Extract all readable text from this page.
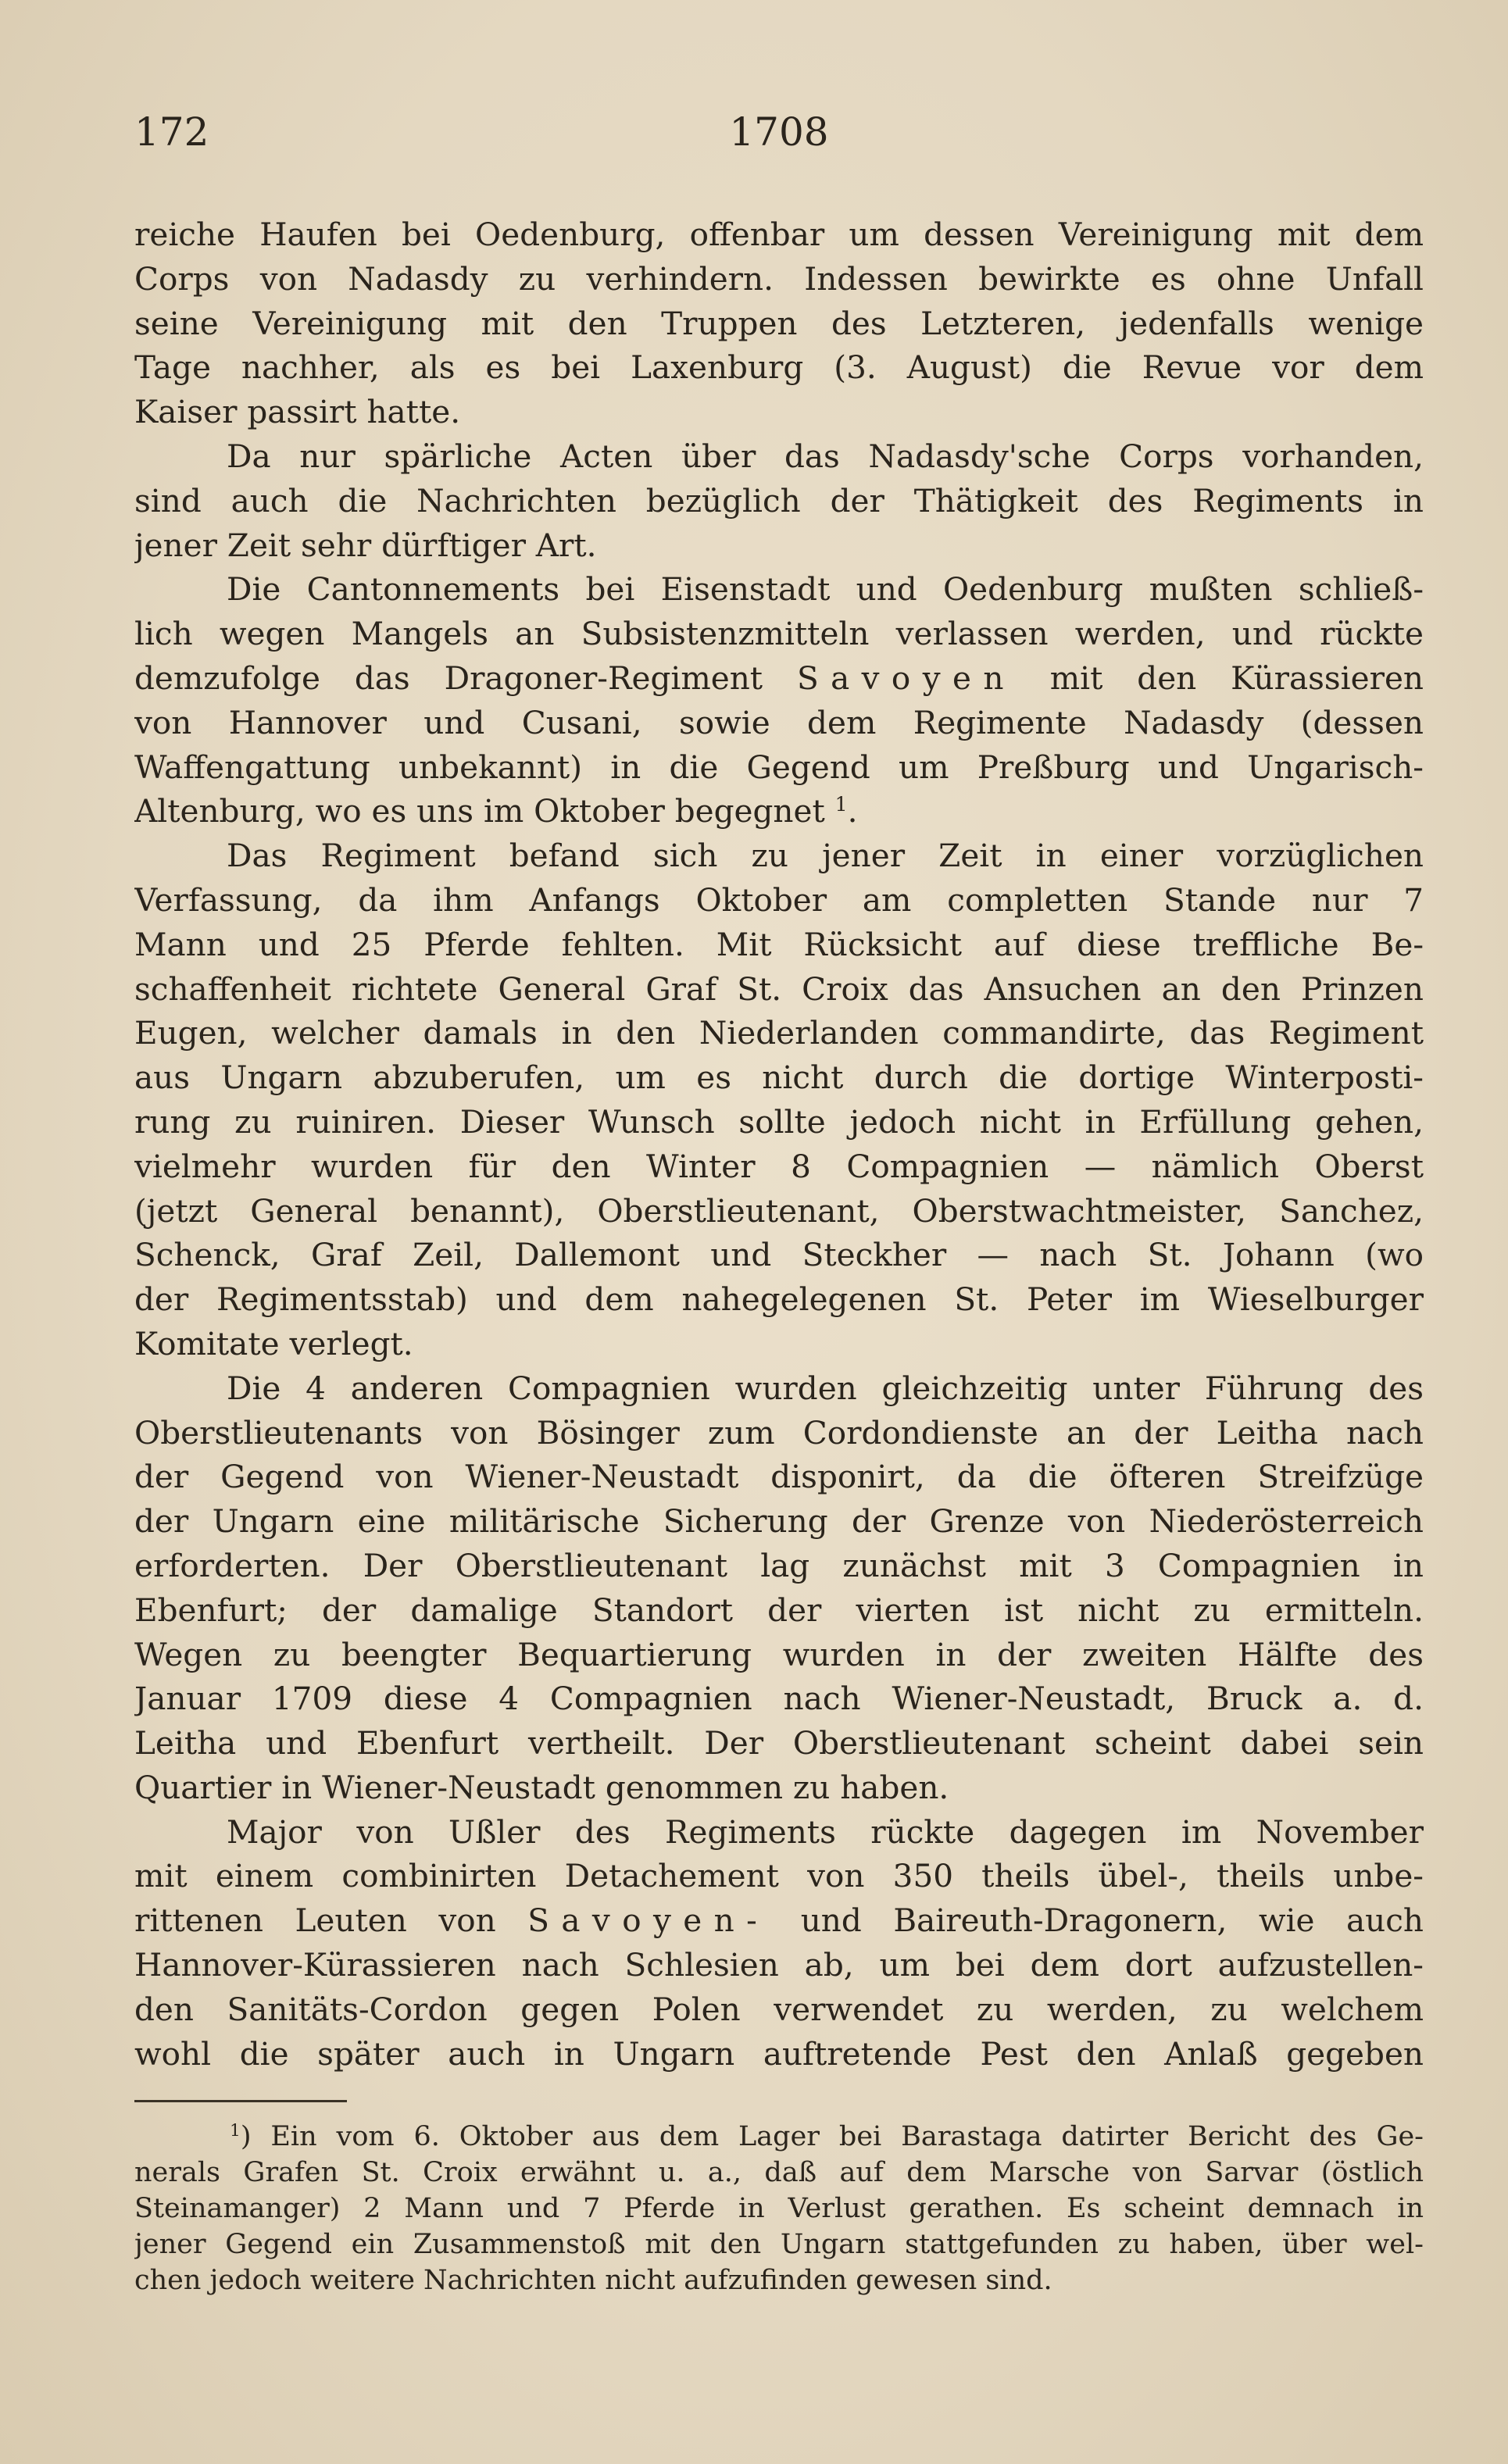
172	1708
reiche Haufen bei Oedenburg, offenbar um dessen Vereinigung mit dem
Corps von Nadasdy zu verhindern. Indessen bewirkte es ohne Unfall
seine Vereinigung mit den Truppen des Letzteren, jedenfalls wenige
Tage nachher, als es bei Laxenburg (3. August) die Revue vor dem
Kaiser passirt hatte.
Da nur spärliche Acten über das Nadasdy'sche Corps vorhanden,
sind auch die Nachrichten bezüglich der Thätigkeit des Regiments in
jener Zeit sehr dürftiger Art.
Die Cantonnements bei Eisenstadt und Oedenburg mußten schließ-
lich wegen Mangels an Subsistenzmitteln verlassen werden, und rückte
demzufolge das Dragoner-Regiment Savoyen mit den Kürassieren
von Hannover und Cusani, sowie dem Regimente Nadasdy (dessen
Waffengattung unbekannt) in die Gegend um Preßburg und Ungarisch-
Altenburg, wo es uns im Oktober begegnet $^1$.
Das Regiment befand sich zu jener Zeit in einer vorzüglichen
Verfassung, da ihm Anfangs Oktober am completten Stande nur 7
Mann und 25 Pferde fehlten. Mit Rücksicht auf diese treffliche Be-
schaffenheit richtete General Graf St. Croix das Ansuchen an den Prinzen
Eugen, welcher damals in den Niederlanden commandirte, das Regiment
aus Ungarn abzuberufen, um es nicht durch die dortige Winterposti-
rung zu ruiniren. Dieser Wunsch sollte jedoch nicht in Erfüllung gehen,
vielmehr wurden für den Winter 8 Compagnien — nämlich Oberst
(jetzt General benannt), Oberstlieutenant, Oberstwachtmeister, Sanchez,
Schenck, Graf Zeil, Dallemont und Steckher — nach St. Johann (wo
der Regimentsstab) und dem nahegelegenen St. Peter im Wieselburger
Komitate verlegt.
Die 4 anderen Compagnien wurden gleichzeitig unter Führung des
Oberstlieutenants von Bösinger zum Cordondienste an der Leitha nach
der Gegend von Wiener-Neustadt disponirt, da die öfteren Streifzüge
der Ungarn eine militärische Sicherung der Grenze von Niederösterreich
erforderten. Der Oberstlieutenant lag zunächst mit 3 Compagnien in
Ebenfurt; der damalige Standort der vierten ist nicht zu ermitteln.
Wegen zu beengter Bequartierung wurden in der zweiten Hälfte des
Januar 1709 diese 4 Compagnien nach Wiener-Neustadt, Bruck a. d.
Leitha und Ebenfurt vertheilt. Der Oberstlieutenant scheint dabei sein
Quartier in Wiener-Neustadt genommen zu haben.
Major von Ußler des Regiments rückte dagegen im November
mit einem combinirten Detachement von 350 theils übel-, theils unbe-
rittenen Leuten von Savoyen- und Baireuth-Dragonern, wie auch
Hannover-Kürassieren nach Schlesien ab, um bei dem dort aufzustellen-
den Sanitäts-Cordon gegen Polen verwendet zu werden, zu welchem
wohl die später auch in Ungarn auftretende Pest den Anlaß gegeben
$^1$) Ein vom 6. Oktober aus dem Lager bei Barastaga datirter Bericht des Ge-
nerals Grafen St. Croix erwähnt u. a., daß auf dem Marsche von Sarvar (östlich
Steinamanger) 2 Mann und 7 Pferde in Verlust gerathen. Es scheint demnach in
jener Gegend ein Zusammenstoß mit den Ungarn stattgefunden zu haben, über wel-
chen jedoch weitere Nachrichten nicht aufzufinden gewesen sind.
